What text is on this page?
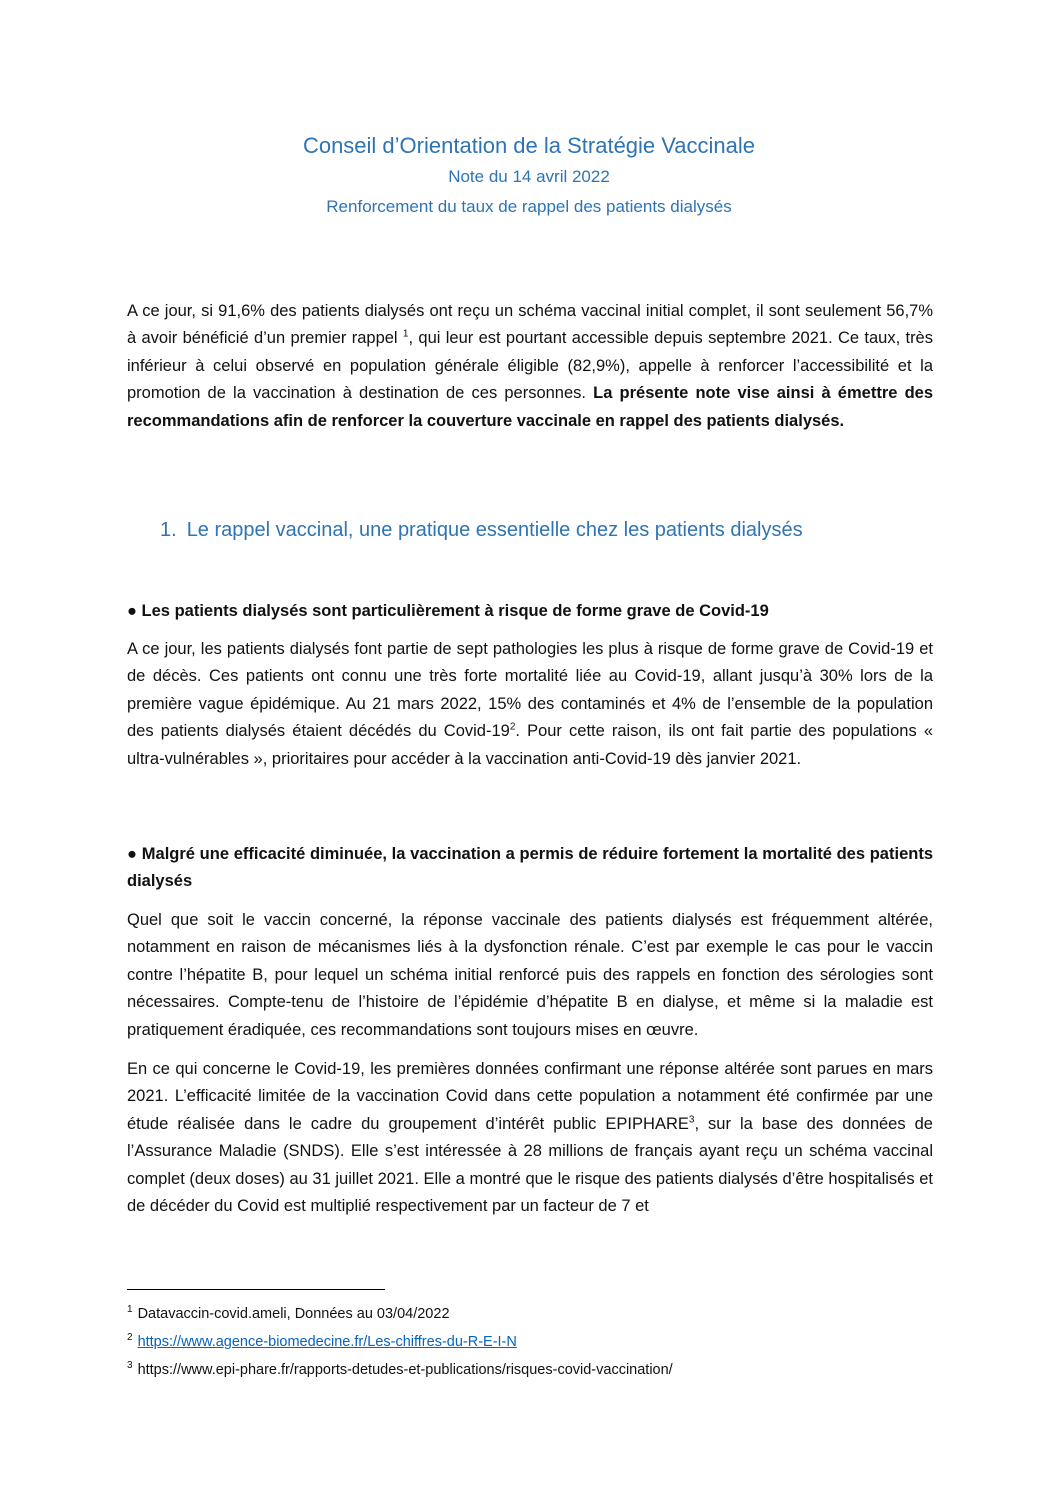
Conseil d’Orientation de la Stratégie Vaccinale
Note du 14 avril 2022
Renforcement du taux de rappel des patients dialysés

A ce jour, si 91,6% des patients dialysés ont reçu un schéma vaccinal initial complet, il sont seulement 56,7% à avoir bénéficié d’un premier rappel $^1$, qui leur est pourtant accessible depuis septembre 2021. Ce taux, très inférieur à celui observé en population générale éligible (82,9%), appelle à renforcer l’accessibilité et la promotion de la vaccination à destination de ces personnes. La présente note vise ainsi à émettre des recommandations afin de renforcer la couverture vaccinale en rappel des patients dialysés.

1. Le rappel vaccinal, une pratique essentielle chez les patients dialysés

● Les patients dialysés sont particulièrement à risque de forme grave de Covid-19

A ce jour, les patients dialysés font partie de sept pathologies les plus à risque de forme grave de Covid-19 et de décès. Ces patients ont connu une très forte mortalité liée au Covid-19, allant jusqu’à 30% lors de la première vague épidémique. Au 21 mars 2022, 15% des contaminés et 4% de l’ensemble de la population des patients dialysés étaient décédés du Covid-19$^2$. Pour cette raison, ils ont fait partie des populations « ultra-vulnérables », prioritaires pour accéder à la vaccination anti-Covid-19 dès janvier 2021.

● Malgré une efficacité diminuée, la vaccination a permis de réduire fortement la mortalité des patients dialysés

Quel que soit le vaccin concerné, la réponse vaccinale des patients dialysés est fréquemment altérée, notamment en raison de mécanismes liés à la dysfonction rénale. C’est par exemple le cas pour le vaccin contre l’hépatite B, pour lequel un schéma initial renforcé puis des rappels en fonction des sérologies sont nécessaires. Compte-tenu de l’histoire de l’épidémie d’hépatite B en dialyse, et même si la maladie est pratiquement éradiquée, ces recommandations sont toujours mises en œuvre.

En ce qui concerne le Covid-19, les premières données confirmant une réponse altérée sont parues en mars 2021. L’efficacité limitée de la vaccination Covid dans cette population a notamment été confirmée par une étude réalisée dans le cadre du groupement d’intérêt public EPIPHARE$^3$, sur la base des données de l’Assurance Maladie (SNDS). Elle s’est intéressée à 28 millions de français ayant reçu un schéma vaccinal complet (deux doses) au 31 juillet 2021. Elle a montré que le risque des patients dialysés d’être hospitalisés et de décéder du Covid est multiplié respectivement par un facteur de 7 et

$^1$ Datavaccin-covid.ameli, Données au 03/04/2022
$^2$ https://www.agence-biomedecine.fr/Les-chiffres-du-R-E-I-N
$^3$ https://www.epi-phare.fr/rapports-detudes-et-publications/risques-covid-vaccination/
